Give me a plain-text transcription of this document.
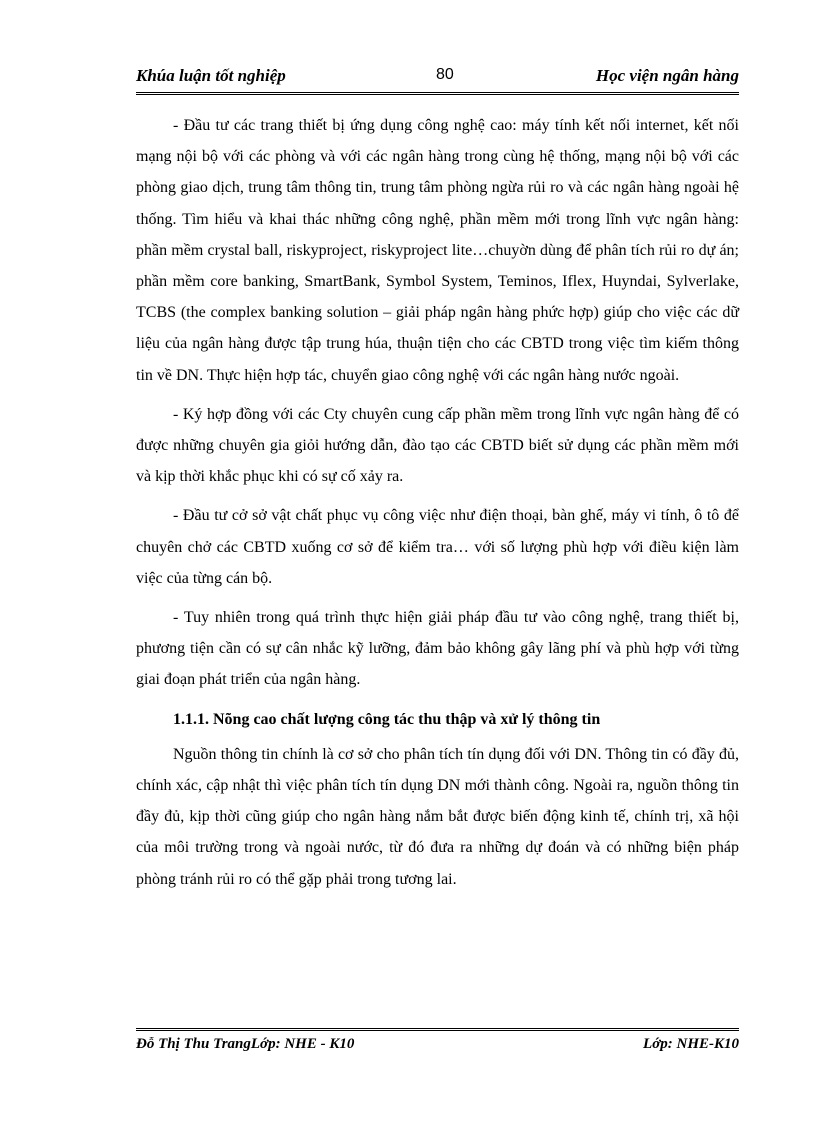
Khúa luận tốt nghiệp	80	Học viện ngân hàng

- Đầu tư các trang thiết bị ứng dụng công nghệ cao: máy tính kết nối internet, kết nối mạng nội bộ với các phòng và với các ngân hàng trong cùng hệ thống, mạng nội bộ với các phòng giao dịch, trung tâm thông tin, trung tâm phòng ngừa rủi ro và các ngân hàng ngoài hệ thống. Tìm hiểu và khai thác những công nghệ, phần mềm mới trong lĩnh vực ngân hàng: phần mềm crystal ball, riskyproject, riskyproject lite…chuyờn dùng để phân tích rủi ro dự án; phần mềm core banking, SmartBank, Symbol System, Teminos, Iflex, Huyndai, Sylverlake, TCBS (the complex banking solution – giải pháp ngân hàng phức hợp) giúp cho việc các dữ liệu của ngân hàng được tập trung húa, thuận tiện cho các CBTD trong việc tìm kiếm thông tin về DN. Thực hiện hợp tác, chuyển giao công nghệ với các ngân hàng nước ngoài.

- Ký hợp đồng với các Cty chuyên cung cấp phần mềm trong lĩnh vực ngân hàng để có được những chuyên gia giỏi hướng dẫn, đào tạo các CBTD biết sử dụng các phần mềm mới và kịp thời khắc phục khi có sự cố xảy ra.

- Đầu tư cở sở vật chất phục vụ công việc như điện thoại, bàn ghế, máy vi tính, ô tô để chuyên chở các CBTD xuống cơ sở để kiểm tra… với số lượng phù hợp với điều kiện làm việc của từng cán bộ.

- Tuy nhiên trong quá trình thực hiện giải pháp đầu tư vào công nghệ, trang thiết bị, phương tiện cần có sự cân nhắc kỹ lưỡng, đảm bảo không gây lãng phí và phù hợp với từng giai đoạn phát triển của ngân hàng.

1.1.1. Nõng cao chất lượng công tác thu thập và xử lý thông tin

Nguồn thông tin chính là cơ sở cho phân tích tín dụng đối với DN. Thông tin có đầy đủ, chính xác, cập nhật thì việc phân tích tín dụng DN mới thành công. Ngoài ra, nguồn thông tin đầy đủ, kịp thời cũng giúp cho ngân hàng nắm bắt được biến động kinh tế, chính trị, xã hội của môi trường trong và ngoài nước, từ đó đưa ra những dự đoán và có những biện pháp phòng tránh rủi ro có thể gặp phải trong tương lai.

Đỗ Thị Thu TrangLớp: NHE - K10	Lớp: NHE-K10
